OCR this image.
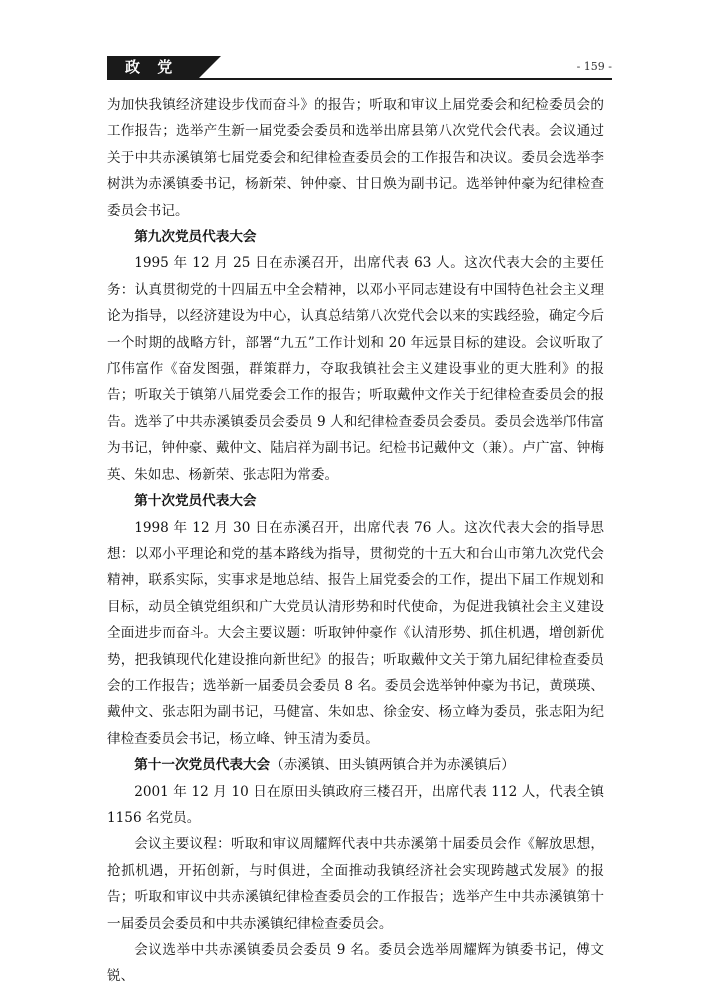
政 党	- 159 -

为加快我镇经济建设步伐而奋斗》的报告；听取和审议上届党委会和纪检委员会的工作报告；选举产生新一届党委会委员和选举出席县第八次党代会代表。会议通过关于中共赤溪镇第七届党委会和纪律检查委员会的工作报告和决议。委员会选举李树洪为赤溪镇委书记，杨新荣、钟仲豪、甘日焕为副书记。选举钟仲豪为纪律检查委员会书记。

第九次党员代表大会

1995 年 12 月 25 日在赤溪召开，出席代表 63 人。这次代表大会的主要任务：认真贯彻党的十四届五中全会精神，以邓小平同志建设有中国特色社会主义理论为指导，以经济建设为中心，认真总结第八次党代会以来的实践经验，确定今后一个时期的战略方针，部署“九五”工作计划和 20 年远景目标的建设。会议听取了邝伟富作《奋发图强，群策群力，夺取我镇社会主义建设事业的更大胜利》的报告；听取关于镇第八届党委会工作的报告；听取戴仲文作关于纪律检查委员会的报告。选举了中共赤溪镇委员会委员 9 人和纪律检查委员会委员。委员会选举邝伟富为书记，钟仲豪、戴仲文、陆启祥为副书记。纪检书记戴仲文（兼）。卢广富、钟梅英、朱如忠、杨新荣、张志阳为常委。

第十次党员代表大会

1998 年 12 月 30 日在赤溪召开，出席代表 76 人。这次代表大会的指导思想：以邓小平理论和党的基本路线为指导，贯彻党的十五大和台山市第九次党代会精神，联系实际，实事求是地总结、报告上届党委会的工作，提出下届工作规划和目标，动员全镇党组织和广大党员认清形势和时代使命，为促进我镇社会主义建设全面进步而奋斗。大会主要议题：听取钟仲豪作《认清形势、抓住机遇，增创新优势，把我镇现代化建设推向新世纪》的报告；听取戴仲文关于第九届纪律检查委员会的工作报告；选举新一届委员会委员 8 名。委员会选举钟仲豪为书记，黄瑛瑛、戴仲文、张志阳为副书记，马健富、朱如忠、徐金安、杨立峰为委员，张志阳为纪律检查委员会书记，杨立峰、钟玉清为委员。

第十一次党员代表大会（赤溪镇、田头镇两镇合并为赤溪镇后）

2001 年 12 月 10 日在原田头镇政府三楼召开，出席代表 112 人，代表全镇 1156 名党员。

会议主要议程：听取和审议周耀辉代表中共赤溪第十届委员会作《解放思想，抢抓机遇，开拓创新，与时俱进，全面推动我镇经济社会实现跨越式发展》的报告；听取和审议中共赤溪镇纪律检查委员会的工作报告；选举产生中共赤溪镇第十一届委员会委员和中共赤溪镇纪律检查委员会。

会议选举中共赤溪镇委员会委员 9 名。委员会选举周耀辉为镇委书记，傅文锐、
